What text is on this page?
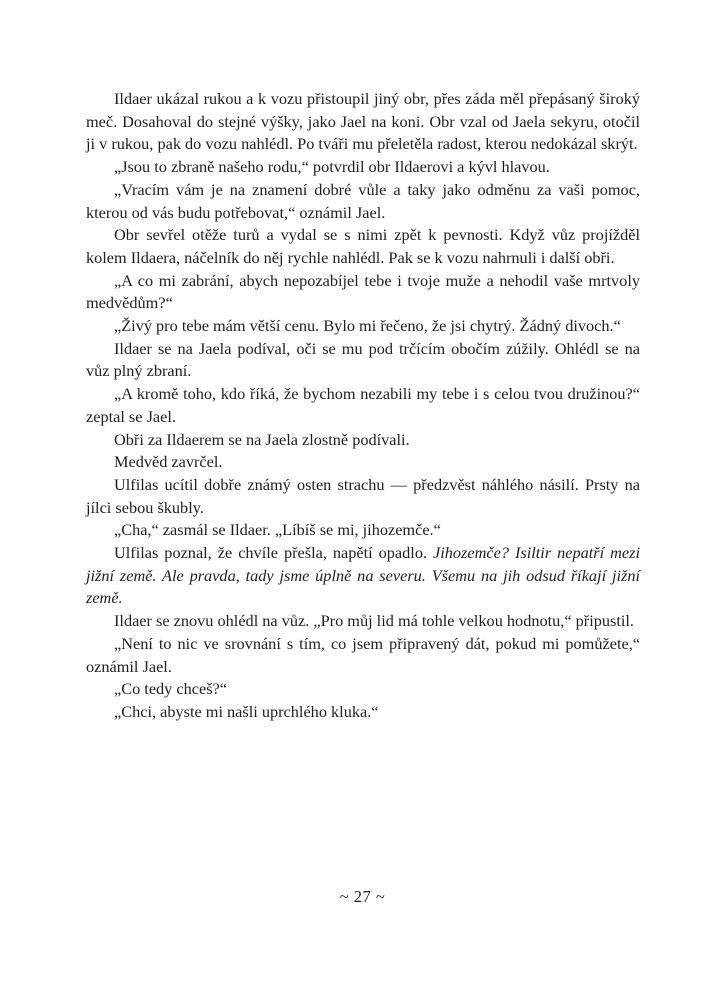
Ildaer ukázal rukou a k vozu přistoupil jiný obr, přes záda měl přepásaný široký meč. Dosahoval do stejné výšky, jako Jael na koni. Obr vzal od Jaela sekyru, otočil ji v rukou, pak do vozu nahlédl. Po tváři mu přeletěla radost, kterou nedokázal skrýt.

„Jsou to zbraně našeho rodu,“ potvrdil obr Ildaerovi a kývl hlavou.

„Vracím vám je na znamení dobré vůle a taky jako odměnu za vaši pomoc, kterou od vás budu potřebovat,“ oznámil Jael.

Obr sevřel otěže turů a vydal se s nimi zpět k pevnosti. Když vůz projížděl kolem Ildaera, náčelník do něj rychle nahlédl. Pak se k vozu nahrnuli i další obři.

„A co mi zabrání, abych nepozabíjel tebe i tvoje muže a nehodil vaše mrtvoly medvědům?“

„Živý pro tebe mám větší cenu. Bylo mi řečeno, že jsi chytrý. Žádný divoch.“

Ildaer se na Jaela podíval, oči se mu pod trčícím obočím zúžily. Ohlédl se na vůz plný zbraní.

„A kromě toho, kdo říká, že bychom nezabili my tebe i s celou tvou družinou?“ zeptal se Jael.

Obři za Ildaerem se na Jaela zlostně podívali.

Medvěd zavrčel.

Ulfilas ucítil dobře známý osten strachu — předzvěst náhlého násilí. Prsty na jílci sebou škubly.

„Cha,“ zasmál se Ildaer. „Líbíš se mi, jihozemče.“

Ulfilas poznal, že chvíle přešla, napětí opadlo. Jihozemče? Isiltir nepatří mezi jižní země. Ale pravda, tady jsme úplně na severu. Všemu na jih odsud říkají jižní země.

Ildaer se znovu ohlédl na vůz. „Pro můj lid má tohle velkou hodnotu,“ připustil.

„Není to nic ve srovnání s tím, co jsem připravený dát, pokud mi pomůžete,“ oznámil Jael.

„Co tedy chceš?“

„Chci, abyste mi našli uprchlého kluka.“

~ 27 ~
